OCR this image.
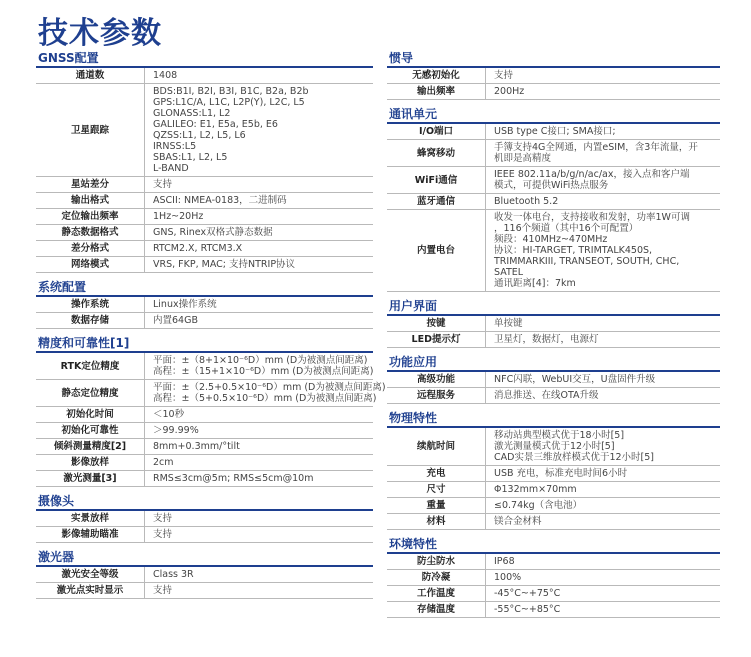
技术参数
GNSS配置
通道数	1408
卫星跟踪
BDS:B1I, B2I, B3I, B1C, B2a, B2b
GPS:L1C/A, L1C, L2P(Y), L2C, L5
GLONASS:L1, L2
GALILEO: E1, E5a, E5b, E6
QZSS:L1, L2, L5, L6
IRNSS:L5
SBAS:L1, L2, L5
L-BAND
星站差分	支持
输出格式	ASCII: NMEA-0183，二进制码
定位输出频率	1Hz~20Hz
静态数据格式	GNS, Rinex双格式静态数据
差分格式	RTCM2.X, RTCM3.X
网络模式	VRS, FKP, MAC; 支持NTRIP协议
系统配置
操作系统	Linux操作系统
数据存储	内置64GB
精度和可靠性[1]
RTK定位精度	平面：±（8+1×10⁻⁶D）mm (D为被测点间距离)
高程：±（15+1×10⁻⁶D）mm (D为被测点间距离)
静态定位精度	平面：±（2.5+0.5×10⁻⁶D）mm (D为被测点间距离)
高程：±（5+0.5×10⁻⁶D）mm (D为被测点间距离)
初始化时间	＜10秒
初始化可靠性	＞99.99%
倾斜测量精度[2]	8mm+0.3mm/°tilt
影像放样	2cm
激光测量[3]	RMS≤3cm@5m; RMS≤5cm@10m
摄像头
实景放样	支持
影像辅助瞄准	支持
激光器
激光安全等级	Class 3R
激光点实时显示	支持
惯导
无感初始化	支持
输出频率	200Hz
通讯单元
I/O端口	USB type C接口; SMA接口;
蜂窝移动	手簿支持4G全网通，内置eSIM，含3年流量，开
机即是高精度
WiFi通信	IEEE 802.11a/b/g/n/ac/ax，接入点和客户端
模式，可提供WiFi热点服务
蓝牙通信	Bluetooth 5.2
内置电台
收发一体电台，支持接收和发射，功率1W可调
，116个频道（其中16个可配置）
频段：410MHz~470MHz
协议：HI-TARGET, TRIMTALK450S,
TRIMMARKIII, TRANSEOT, SOUTH, CHC,
SATEL
通讯距离[4]：7km
用户界面
按键	单按键
LED提示灯	卫星灯，数据灯，电源灯
功能应用
高级功能	NFC闪联，WebUI交互，U盘固件升级
远程服务	消息推送、在线OTA升级
物理特性
续航时间
移动站典型模式优于18小时[5]
激光测量模式优于12小时[5]
CAD实景三维放样模式优于12小时[5]
充电	USB 充电，标准充电时间6小时
尺寸	Φ132mm×70mm
重量	≤0.74kg（含电池）
材料	镁合金材料
环境特性
防尘防水	IP68
防冷凝	100%
工作温度	-45°C~+75°C
存储温度	-55°C~+85°C
